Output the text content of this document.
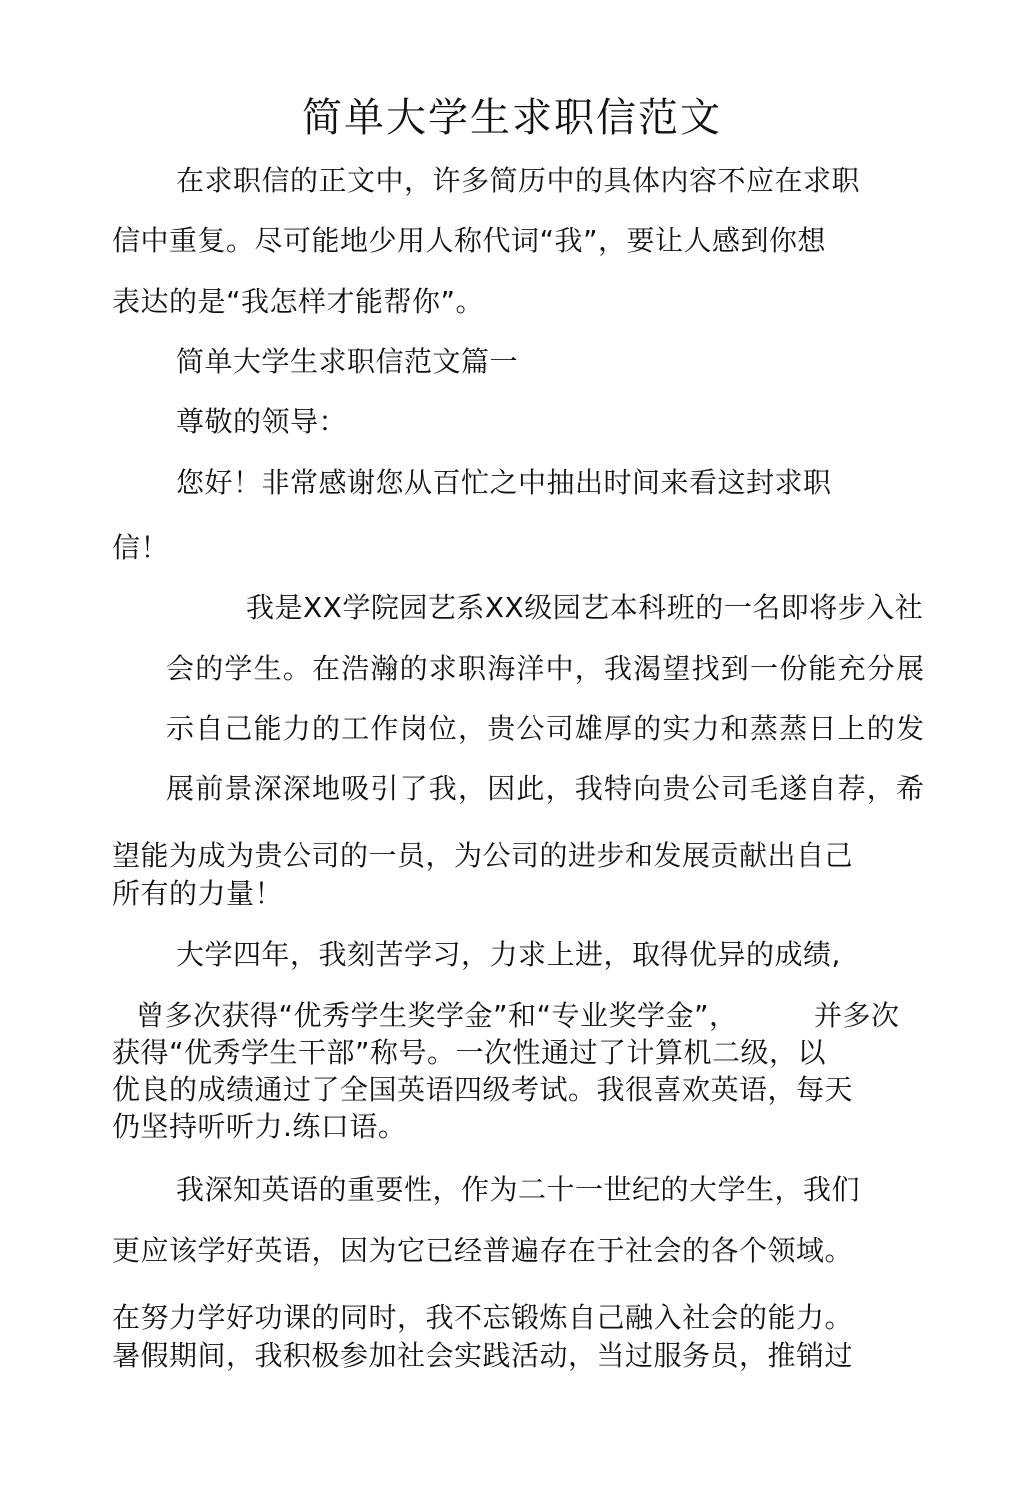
简单大学生求职信范文
在求职信的正文中，许多简历中的具体内容不应在求职
信中重复。尽可能地少用人称代词“我”，要让人感到你想
表达的是“我怎样才能帮你”。
简单大学生求职信范文篇一
尊敬的领导：
您好！非常感谢您从百忙之中抽出时间来看这封求职
信！
我是XX学院园艺系XX级园艺本科班的一名即将步入社
会的学生。在浩瀚的求职海洋中，我渴望找到一份能充分展
示自己能力的工作岗位，贵公司雄厚的实力和蒸蒸日上的发
展前景深深地吸引了我，因此，我特向贵公司毛遂自荐，希
望能为成为贵公司的一员，为公司的进步和发展贡献出自己
所有的力量！
大学四年，我刻苦学习，力求上进，取得优异的成绩,
曾多次获得“优秀学生奖学金”和“专业奖学金”，	并多次
获得“优秀学生干部”称号。一次性通过了计算机二级，以
优良的成绩通过了全国英语四级考试。我很喜欢英语，每天
仍坚持听听力.练口语。
我深知英语的重要性，作为二十一世纪的大学生，我们
更应该学好英语，因为它已经普遍存在于社会的各个领域。
在努力学好功课的同时，我不忘锻炼自己融入社会的能力。
暑假期间，我积极参加社会实践活动，当过服务员，推销过
